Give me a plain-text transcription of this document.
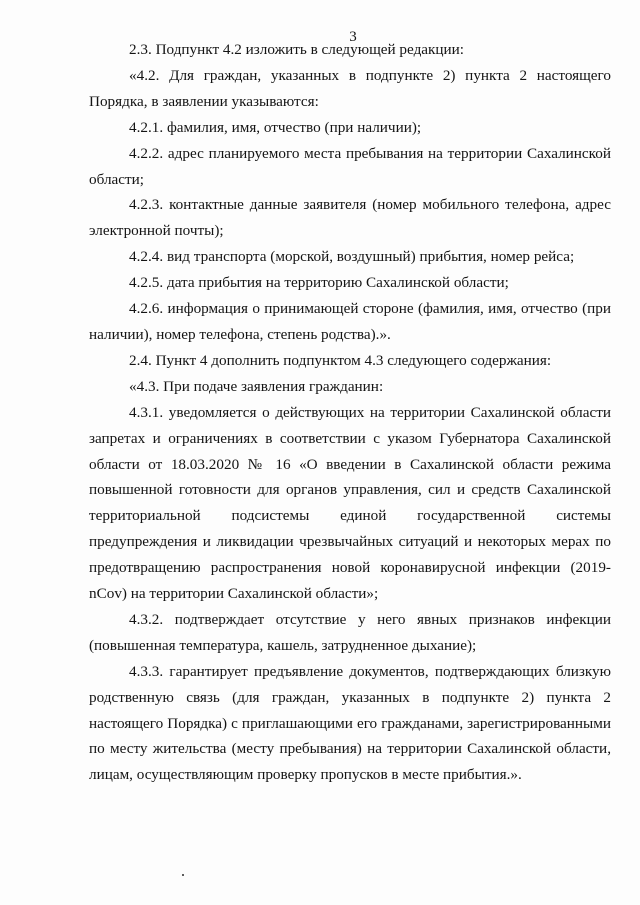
3

2.3. Подпункт 4.2 изложить в следующей редакции:

«4.2. Для граждан, указанных в подпункте 2) пункта 2 настоящего Порядка, в заявлении указываются:

4.2.1. фамилия, имя, отчество (при наличии);

4.2.2. адрес планируемого места пребывания на территории Сахалинской области;

4.2.3. контактные данные заявителя (номер мобильного телефона, адрес электронной почты);

4.2.4. вид транспорта (морской, воздушный) прибытия, номер рейса;

4.2.5. дата прибытия на территорию Сахалинской области;

4.2.6. информация о принимающей стороне (фамилия, имя, отчество (при наличии), номер телефона, степень родства).».

2.4. Пункт 4 дополнить подпунктом 4.3 следующего содержания:

«4.3. При подаче заявления гражданин:

4.3.1. уведомляется о действующих на территории Сахалинской области запретах и ограничениях в соответствии с указом Губернатора Сахалинской области от 18.03.2020 № 16 «О введении в Сахалинской области режима повышенной готовности для органов управления, сил и средств Сахалинской территориальной подсистемы единой государственной системы предупреждения и ликвидации чрезвычайных ситуаций и некоторых мерах по предотвращению распространения новой коронавирусной инфекции (2019-nCov) на территории Сахалинской области»;

4.3.2. подтверждает отсутствие у него явных признаков инфекции (повышенная температура, кашель, затрудненное дыхание);

4.3.3. гарантирует предъявление документов, подтверждающих близкую родственную связь (для граждан, указанных в подпункте 2) пункта 2 настоящего Порядка) с приглашающими его гражданами, зарегистрированными по месту жительства (месту пребывания) на территории Сахалинской области, лицам, осуществляющим проверку пропусков в месте прибытия.».
